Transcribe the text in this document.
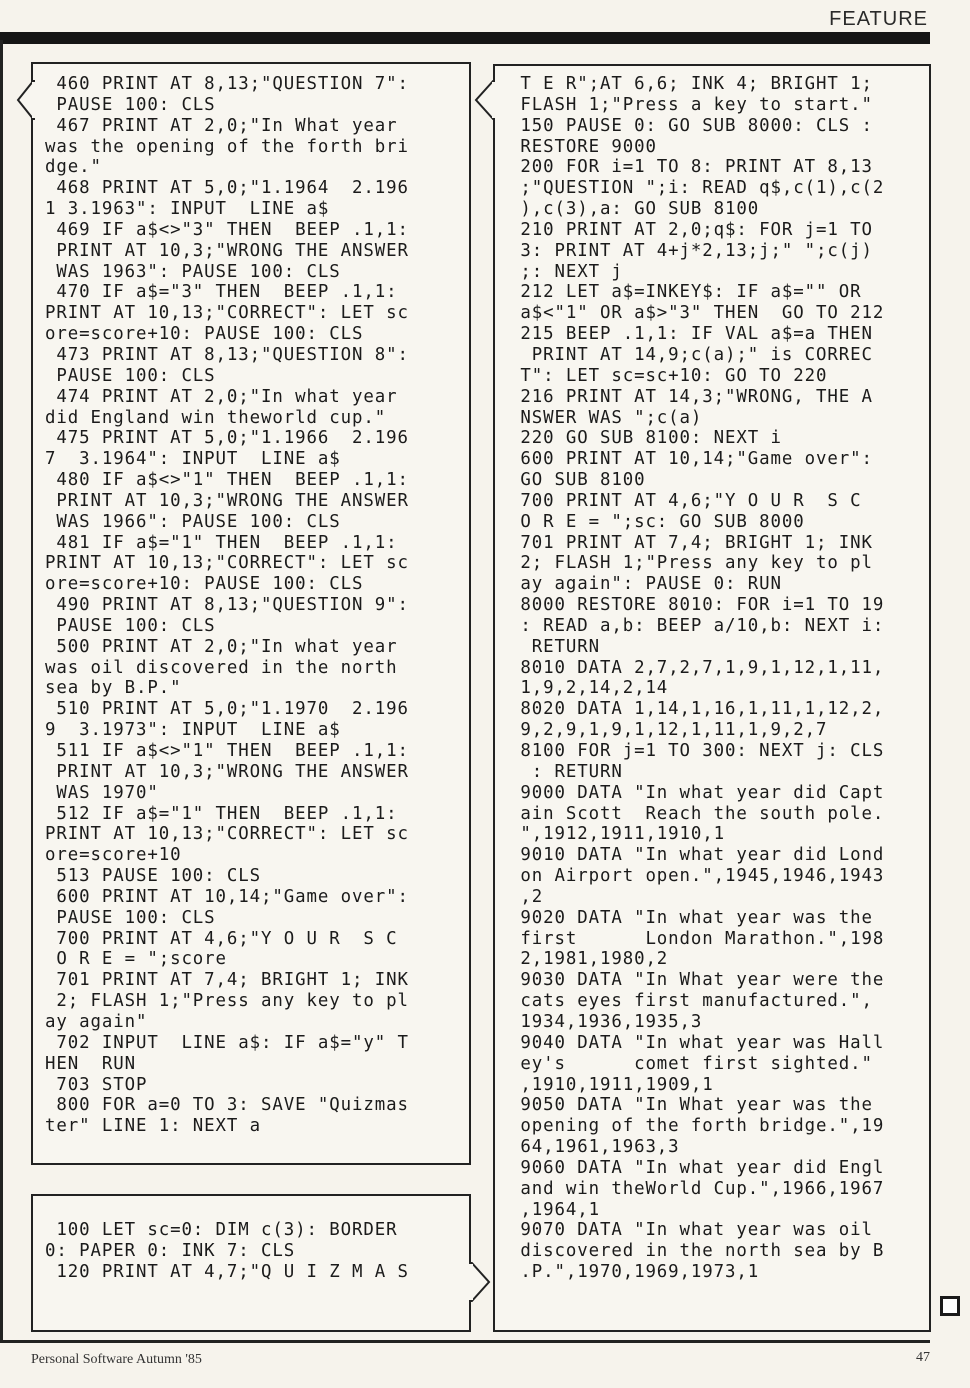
FEATURE
460 PRINT AT 8,13;"QUESTION 7":
PAUSE 100: CLS
467 PRINT AT 2,0;"In What year
was the opening of the forth bri
dge."
468 PRINT AT 5,0;"1.1964  2.196
1 3.1963": INPUT  LINE a$
469 IF a$<>"3" THEN  BEEP .1,1:
PRINT AT 10,3;"WRONG THE ANSWER
WAS 1963": PAUSE 100: CLS
470 IF a$="3" THEN  BEEP .1,1:
PRINT AT 10,13;"CORRECT": LET sc
ore=score+10: PAUSE 100: CLS
473 PRINT AT 8,13;"QUESTION 8":
PAUSE 100: CLS
474 PRINT AT 2,0;"In what year
did England win theworld cup."
475 PRINT AT 5,0;"1.1966  2.196
7  3.1964": INPUT  LINE a$
480 IF a$<>"1" THEN  BEEP .1,1:
PRINT AT 10,3;"WRONG THE ANSWER
WAS 1966": PAUSE 100: CLS
481 IF a$="1" THEN  BEEP .1,1:
PRINT AT 10,13;"CORRECT": LET sc
ore=score+10: PAUSE 100: CLS
490 PRINT AT 8,13;"QUESTION 9":
PAUSE 100: CLS
500 PRINT AT 2,0;"In what year
was oil discovered in the north
sea by B.P."
510 PRINT AT 5,0;"1.1970  2.196
9  3.1973": INPUT  LINE a$
511 IF a$<>"1" THEN  BEEP .1,1:
PRINT AT 10,3;"WRONG THE ANSWER
WAS 1970"
512 IF a$="1" THEN  BEEP .1,1:
PRINT AT 10,13;"CORRECT": LET sc
ore=score+10
513 PAUSE 100: CLS
600 PRINT AT 10,14;"Game over":
PAUSE 100: CLS
700 PRINT AT 4,6;"Y O U R  S C
O R E = ";score
701 PRINT AT 7,4; BRIGHT 1; INK
2; FLASH 1;"Press any key to pl
ay again"
702 INPUT  LINE a$: IF a$="y" T
HEN  RUN
703 STOP
800 FOR a=0 TO 3: SAVE "Quizmas
ter" LINE 1: NEXT a
100 LET sc=0: DIM c(3): BORDER
0: PAPER 0: INK 7: CLS
120 PRINT AT 4,7;"Q U I Z M A S
T E R";AT 6,6; INK 4; BRIGHT 1;
FLASH 1;"Press a key to start."
150 PAUSE 0: GO SUB 8000: CLS :
RESTORE 9000
200 FOR i=1 TO 8: PRINT AT 8,13
;"QUESTION ";i: READ q$,c(1),c(2
),c(3),a: GO SUB 8100
210 PRINT AT 2,0;q$: FOR j=1 TO
3: PRINT AT 4+j*2,13;j;" ";c(j)
;: NEXT j
212 LET a$=INKEY$: IF a$="" OR
a$<"1" OR a$>"3" THEN  GO TO 212
215 BEEP .1,1: IF VAL a$=a THEN
PRINT AT 14,9;c(a);" is CORREC
T": LET sc=sc+10: GO TO 220
216 PRINT AT 14,3;"WRONG, THE A
NSWER WAS ";c(a)
220 GO SUB 8100: NEXT i
600 PRINT AT 10,14;"Game over":
GO SUB 8100
700 PRINT AT 4,6;"Y O U R  S C
O R E = ";sc: GO SUB 8000
701 PRINT AT 7,4; BRIGHT 1; INK
2; FLASH 1;"Press any key to pl
ay again": PAUSE 0: RUN
8000 RESTORE 8010: FOR i=1 TO 19
: READ a,b: BEEP a/10,b: NEXT i:
RETURN
8010 DATA 2,7,2,7,1,9,1,12,1,11,
1,9,2,14,2,14
8020 DATA 1,14,1,16,1,11,1,12,2,
9,2,9,1,9,1,12,1,11,1,9,2,7
8100 FOR j=1 TO 300: NEXT j: CLS
: RETURN
9000 DATA "In what year did Capt
ain Scott  Reach the south pole.
",1912,1911,1910,1
9010 DATA "In what year did Lond
on Airport open.",1945,1946,1943
,2
9020 DATA "In what year was the
first      London Marathon.",198
2,1981,1980,2
9030 DATA "In What year were the
cats eyes first manufactured.",
1934,1936,1935,3
9040 DATA "In what year was Hall
ey's      comet first sighted."
,1910,1911,1909,1
9050 DATA "In What year was the
opening of the forth bridge.",19
64,1961,1963,3
9060 DATA "In what year did Engl
and win theWorld Cup.",1966,1967
,1964,1
9070 DATA "In what year was oil
discovered in the north sea by B
.P.",1970,1969,1973,1
Personal Software Autumn '85	47
